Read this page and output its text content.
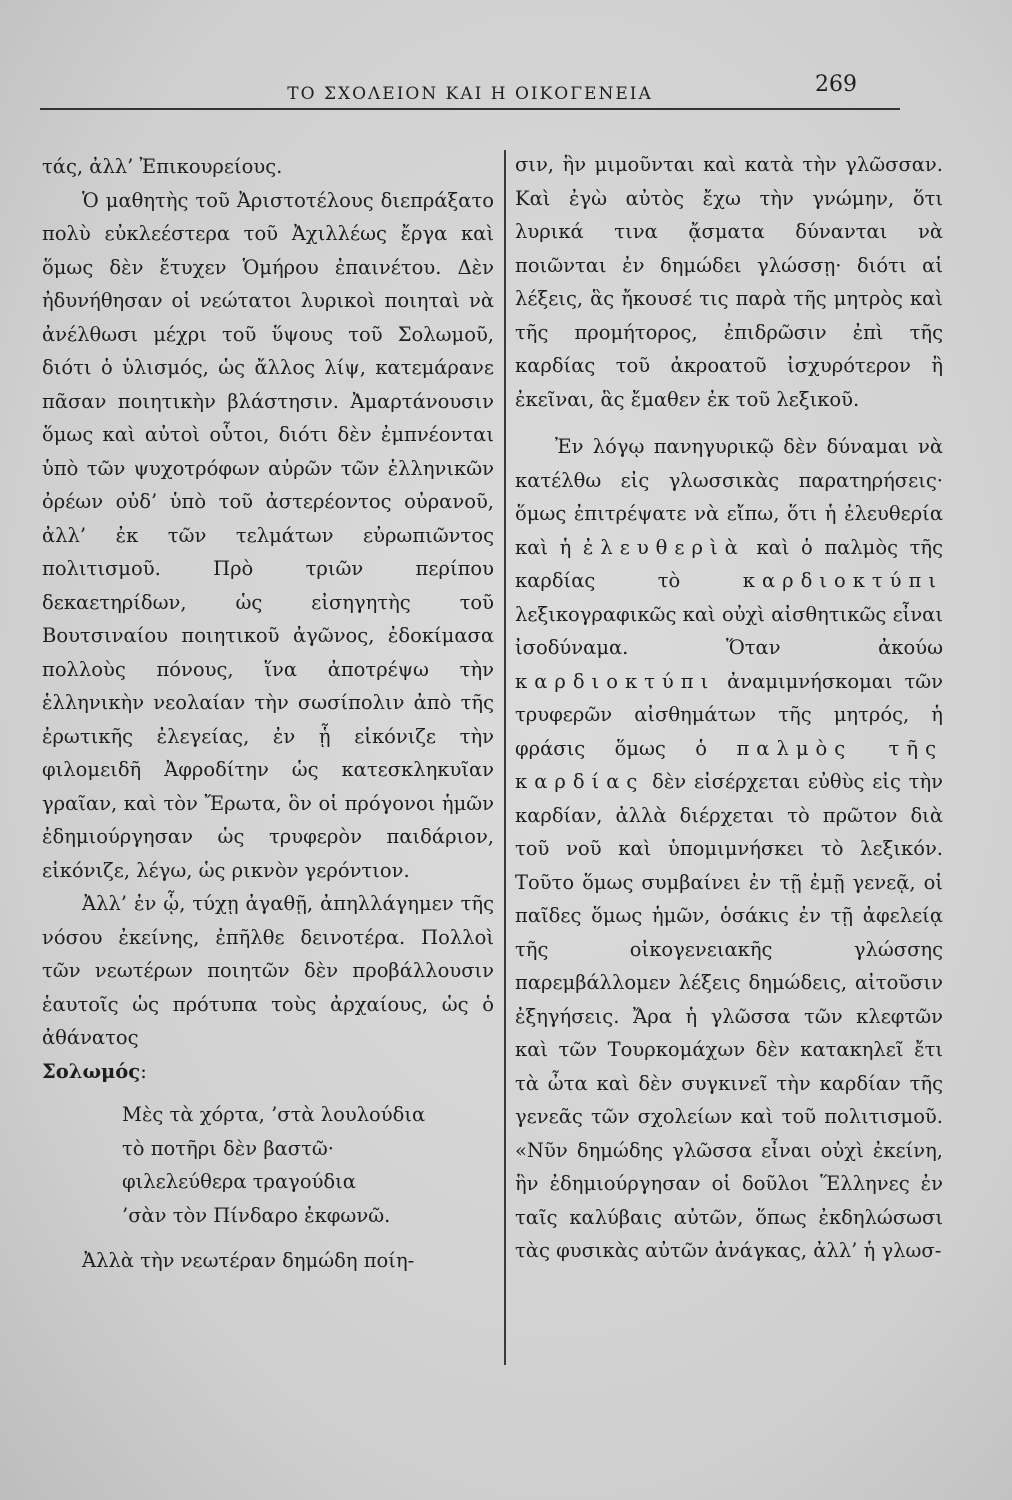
ΤΟ ΣΧΟΛΕΙΟΝ ΚΑΙ Η ΟΙΚΟΓΕΝΕΙΑ	269

τάς, ἀλλ’ Ἐπικουρείους.

Ὁ μαθητὴς τοῦ Ἀριστοτέλους διεπράξατο πολὺ εὐκλεέστερα τοῦ Ἀχιλλέως ἔργα καὶ ὅμως δὲν ἔτυχεν Ὁμήρου ἐπαινέτου. Δὲν ἠδυνήθησαν οἱ νεώτατοι λυρικοὶ ποιηταὶ νὰ ἀνέλθωσι μέχρι τοῦ ὕψους τοῦ Σολωμοῦ, διότι ὁ ὑλισμός, ὡς ἄλλος λίψ, κατεμάρανε πᾶσαν ποιητικὴν βλάστησιν. Ἀμαρτάνουσιν ὅμως καὶ αὐτοὶ οὗτοι, διότι δὲν ἐμπνέονται ὑπὸ τῶν ψυχοτρόφων αὐρῶν τῶν ἑλληνικῶν ὀρέων οὐδ’ ὑπὸ τοῦ ἀστερέοντος οὐρανοῦ, ἀλλ’ ἐκ τῶν τελμάτων εὐρωπιῶντος πολιτισμοῦ. Πρὸ τριῶν περίπου δεκαετηρίδων, ὡς εἰσηγητὴς τοῦ Βουτσιναίου ποιητικοῦ ἀγῶνος, ἐδοκίμασα πολλοὺς πόνους, ἵνα ἀποτρέψω τὴν ἑλληνικὴν νεολαίαν τὴν σωσίπολιν ἀπὸ τῆς ἐρωτικῆς ἐλεγείας, ἐν ᾗ εἰκόνιζε τὴν φιλομειδῆ Ἀφροδίτην ὡς κατεσκληκυῖαν γραῖαν, καὶ τὸν Ἔρωτα, ὃν οἱ πρόγονοι ἡμῶν ἐδημιούργησαν ὡς τρυφερὸν παιδάριον, εἰκόνιζε, λέγω, ὡς ρικνὸν γερόντιον.

Ἀλλ’ ἐν ᾧ, τύχῃ ἀγαθῇ, ἀπηλλάγημεν τῆς νόσου ἐκείνης, ἐπῆλθε δεινοτέρα. Πολλοὶ τῶν νεωτέρων ποιητῶν δὲν προβάλλουσιν ἑαυτοῖς ὡς πρότυπα τοὺς ἀρχαίους, ὡς ὁ ἀθάνατος
Σολωμός:

Μὲς τὰ χόρτα, ’στὰ λουλούδια
τὸ ποτῆρι δὲν βαστῶ·
φιλελεύθερα τραγούδια
’σὰν τὸν Πίνδαρο ἐκφωνῶ.

Ἀλλὰ τὴν νεωτέραν δημώδη ποίη-

σιν, ἣν μιμοῦνται καὶ κατὰ τὴν γλῶσσαν. Καὶ ἐγὼ αὐτὸς ἔχω τὴν γνώμην, ὅτι λυρικά τινα ᾄσματα δύνανται νὰ ποιῶνται ἐν δημώδει γλώσσῃ· διότι αἱ λέξεις, ἃς ἤκουσέ τις παρὰ τῆς μητρὸς καὶ τῆς προμήτορος, ἐπιδρῶσιν ἐπὶ τῆς καρδίας τοῦ ἀκροατοῦ ἰσχυρότερον ἢ ἐκεῖναι, ἃς ἔμαθεν ἐκ τοῦ λεξικοῦ.

Ἐν λόγῳ πανηγυρικῷ δὲν δύναμαι νὰ κατέλθω εἰς γλωσσικὰς παρατηρήσεις· ὅμως ἐπιτρέψατε νὰ εἴπω, ὅτι ἡ ἐλευθερία καὶ ἡ ἐλευθερὶὰ καὶ ὁ παλμὸς τῆς καρδίας τὸ καρδιοκτύπι λεξικογραφικῶς καὶ οὐχὶ αἰσθητικῶς εἶναι ἰσοδύναμα. Ὅταν ἀκούω καρδιοκτύπι ἀναμιμνήσκομαι τῶν τρυφερῶν αἰσθημάτων τῆς μητρός, ἡ φράσις ὅμως ὁ παλμὸς τῆς καρδίας δὲν εἰσέρχεται εὐθὺς εἰς τὴν καρδίαν, ἀλλὰ διέρχεται τὸ πρῶτον διὰ τοῦ νοῦ καὶ ὑπομιμνήσκει τὸ λεξικόν. Τοῦτο ὅμως συμβαίνει ἐν τῇ ἐμῇ γενεᾷ, οἱ παῖδες ὅμως ἡμῶν, ὁσάκις ἐν τῇ ἀφελείᾳ τῆς οἰκογενειακῆς γλώσσης παρεμβάλλομεν λέξεις δημώδεις, αἰτοῦσιν ἐξηγήσεις. Ἄρα ἡ γλῶσσα τῶν κλεφτῶν καὶ τῶν Τουρκομάχων δὲν κατακηλεῖ ἔτι τὰ ὦτα καὶ δὲν συγκινεῖ τὴν καρδίαν τῆς γενεᾶς τῶν σχολείων καὶ τοῦ πολιτισμοῦ. «Νῦν δημώδης γλῶσσα εἶναι οὐχὶ ἐκείνη, ἣν ἐδημιούργησαν οἱ δοῦλοι Ἕλληνες ἐν ταῖς καλύβαις αὐτῶν, ὅπως ἐκδηλώσωσι τὰς φυσικὰς αὐτῶν ἀνάγκας, ἀλλ’ ἡ γλωσ-
